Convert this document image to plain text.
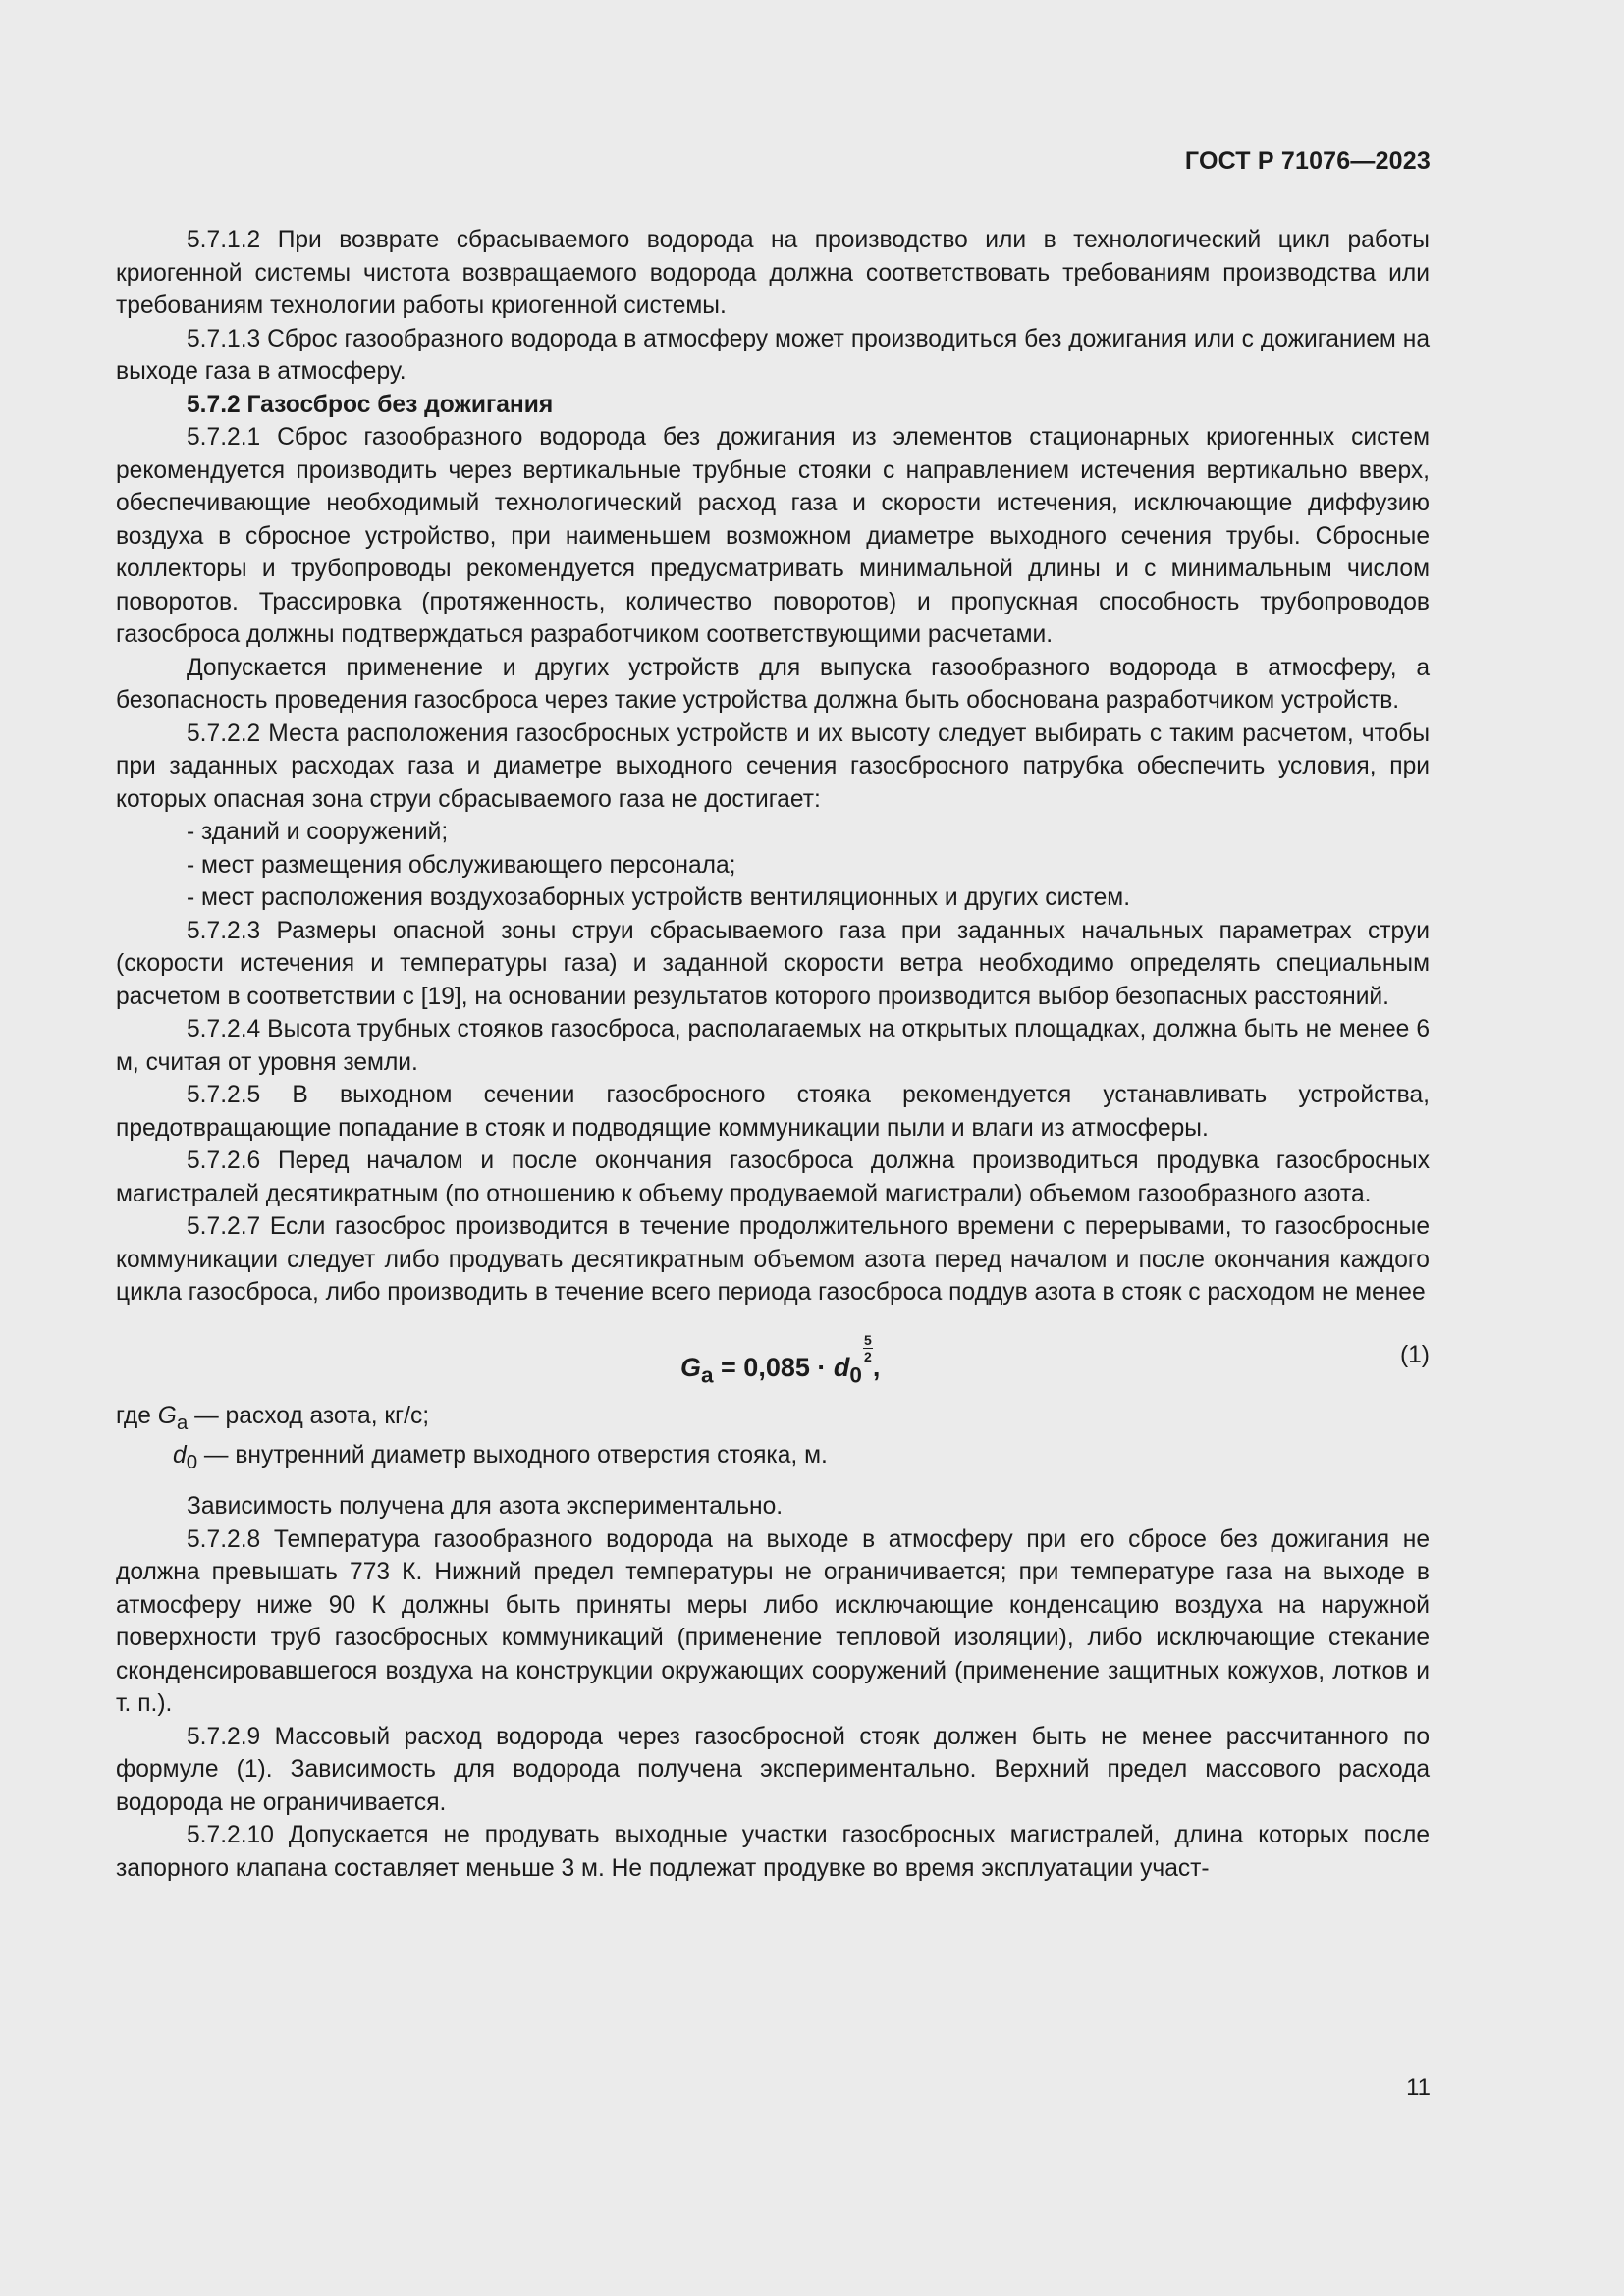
ГОСТ Р 71076—2023

5.7.1.2 При возврате сбрасываемого водорода на производство или в технологический цикл работы криогенной системы чистота возвращаемого водорода должна соответствовать требованиям производства или требованиям технологии работы криогенной системы.

5.7.1.3 Сброс газообразного водорода в атмосферу может производиться без дожигания или с дожиганием на выходе газа в атмосферу.

5.7.2 Газосброс без дожигания

5.7.2.1 Сброс газообразного водорода без дожигания из элементов стационарных криогенных систем рекомендуется производить через вертикальные трубные стояки с направлением истечения вертикально вверх, обеспечивающие необходимый технологический расход газа и скорости истечения, исключающие диффузию воздуха в сбросное устройство, при наименьшем возможном диаметре выходного сечения трубы. Сбросные коллекторы и трубопроводы рекомендуется предусматривать минимальной длины и с минимальным числом поворотов. Трассировка (протяженность, количество поворотов) и пропускная способность трубопроводов газосброса должны подтверждаться разработчиком соответствующими расчетами.

Допускается применение и других устройств для выпуска газообразного водорода в атмосферу, а безопасность проведения газосброса через такие устройства должна быть обоснована разработчиком устройств.

5.7.2.2 Места расположения газосбросных устройств и их высоту следует выбирать с таким расчетом, чтобы при заданных расходах газа и диаметре выходного сечения газосбросного патрубка обеспечить условия, при которых опасная зона струи сбрасываемого газа не достигает:

- зданий и сооружений;

- мест размещения обслуживающего персонала;

- мест расположения воздухозаборных устройств вентиляционных и других систем.

5.7.2.3 Размеры опасной зоны струи сбрасываемого газа при заданных начальных параметрах струи (скорости истечения и температуры газа) и заданной скорости ветра необходимо определять специальным расчетом в соответствии с [19], на основании результатов которого производится выбор безопасных расстояний.

5.7.2.4 Высота трубных стояков газосброса, располагаемых на открытых площадках, должна быть не менее 6 м, считая от уровня земли.

5.7.2.5 В выходном сечении газосбросного стояка рекомендуется устанавливать устройства, предотвращающие попадание в стояк и подводящие коммуникации пыли и влаги из атмосферы.

5.7.2.6 Перед началом и после окончания газосброса должна производиться продувка газосбросных магистралей десятикратным (по отношению к объему продуваемой магистрали) объемом газообразного азота.

5.7.2.7 Если газосброс производится в течение продолжительного времени с перерывами, то газосбросные коммуникации следует либо продувать десятикратным объемом азота перед началом и после окончания каждого цикла газосброса, либо производить в течение всего периода газосброса поддув азота в стояк с расходом не менее

$G_a = 0,085 \cdot d_0$
$\frac{5}{2}$
,	(1)

где $G_a$ — расход азота, кг/с;

$d_0$ — внутренний диаметр выходного отверстия стояка, м.

Зависимость получена для азота экспериментально.

5.7.2.8 Температура газообразного водорода на выходе в атмосферу при его сбросе без дожигания не должна превышать 773 К. Нижний предел температуры не ограничивается; при температуре газа на выходе в атмосферу ниже 90 К должны быть приняты меры либо исключающие конденсацию воздуха на наружной поверхности труб газосбросных коммуникаций (применение тепловой изоляции), либо исключающие стекание сконденсировавшегося воздуха на конструкции окружающих сооружений (применение защитных кожухов, лотков и т. п.).

5.7.2.9 Массовый расход водорода через газосбросной стояк должен быть не менее рассчитанного по формуле (1). Зависимость для водорода получена экспериментально. Верхний предел массового расхода водорода не ограничивается.

5.7.2.10 Допускается не продувать выходные участки газосбросных магистралей, длина которых после запорного клапана составляет меньше 3 м. Не подлежат продувке во время эксплуатации участ-

11
